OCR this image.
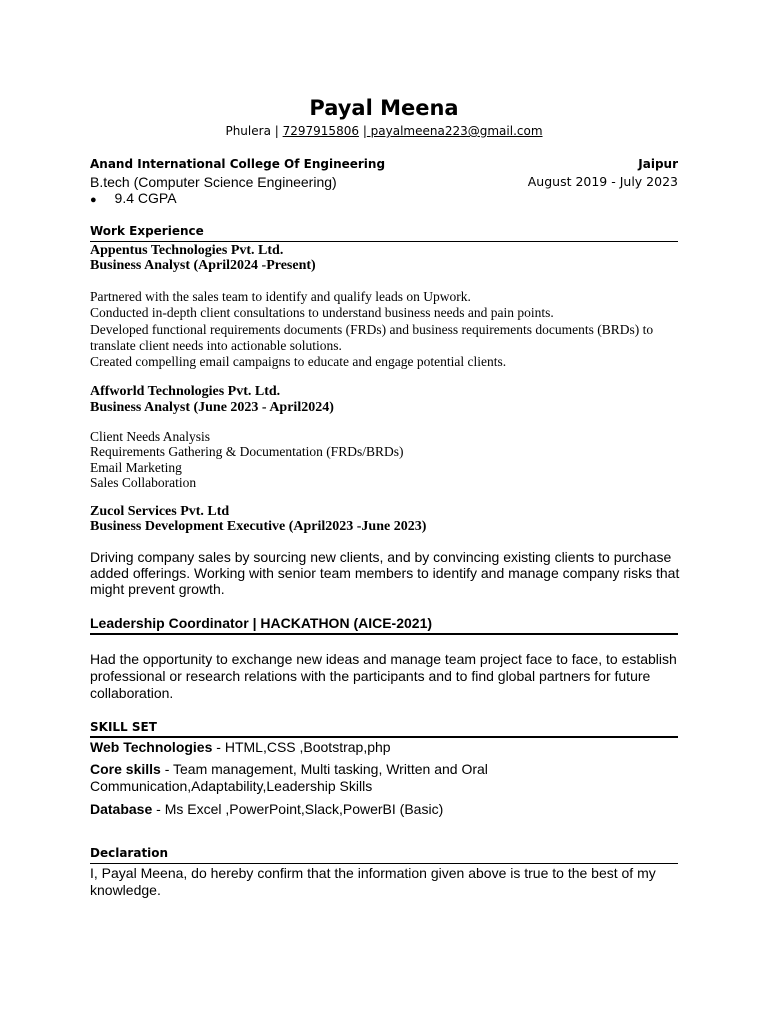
Payal Meena
Phulera | 7297915806 | payalmeena223@gmail.com
Anand International College Of Engineering	Jaipur
B.tech (Computer Science Engineering)	August 2019 - July 2023
● 9.4 CGPA
Work Experience
Appentus Technologies Pvt. Ltd.
Business Analyst (April2024 -Present)
Partnered with the sales team to identify and qualify leads on Upwork.
Conducted in-depth client consultations to understand business needs and pain points.
Developed functional requirements documents (FRDs) and business requirements documents (BRDs) to
translate client needs into actionable solutions.
Created compelling email campaigns to educate and engage potential clients.
Affworld Technologies Pvt. Ltd.
Business Analyst (June 2023 - April2024)
Client Needs Analysis
Requirements Gathering & Documentation (FRDs/BRDs)
Email Marketing
Sales Collaboration
Zucol Services Pvt. Ltd
Business Development Executive (April2023 -June 2023)
Driving company sales by sourcing new clients, and by convincing existing clients to purchase
added offerings. Working with senior team members to identify and manage company risks that
might prevent growth.
Leadership Coordinator | HACKATHON (AICE-2021)
Had the opportunity to exchange new ideas and manage team project face to face, to establish
professional or research relations with the participants and to find global partners for future
collaboration.
SKILL SET
Web Technologies - HTML,CSS ,Bootstrap,php
Core skills - Team management, Multi tasking, Written and Oral
Communication,Adaptability,Leadership Skills
Database - Ms Excel ,PowerPoint,Slack,PowerBI (Basic)
Declaration
I, Payal Meena, do hereby confirm that the information given above is true to the best of my
knowledge.
